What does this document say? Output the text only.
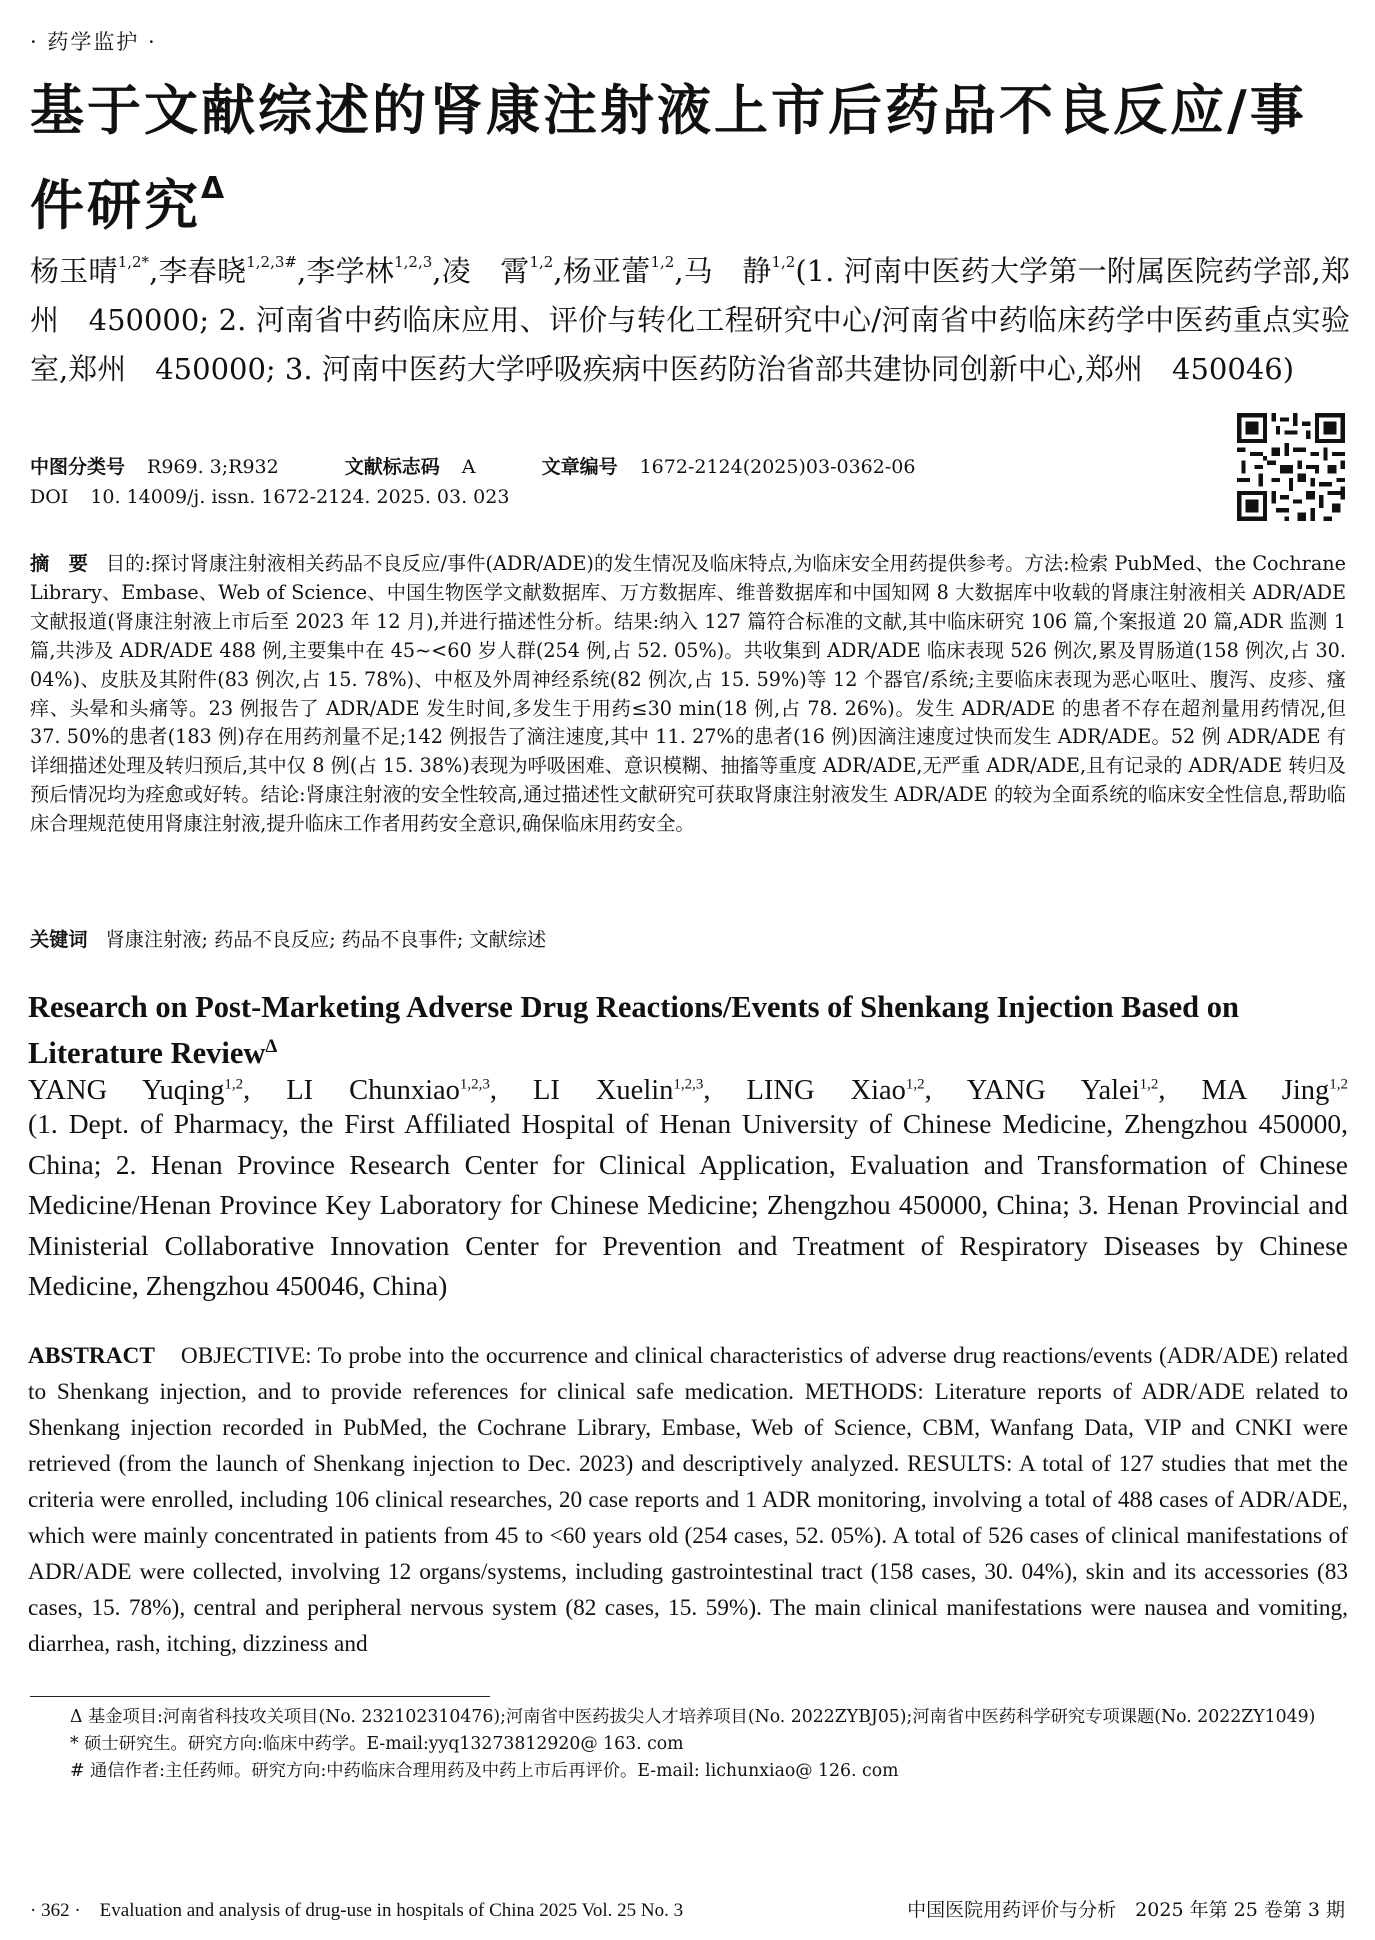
· 药学监护 ·
基于文献综述的肾康注射液上市后药品不良反应/事件研究$^\Delta$

杨玉晴$^{1,2*}$,李春晓$^{1,2,3\#}$,李学林$^{1,2,3}$,凌　霄$^{1,2}$,杨亚蕾$^{1,2}$,马　静$^{1,2}$(1. 河南中医药大学第一附属医院药学部,郑州　450000; 2. 河南省中药临床应用、评价与转化工程研究中心/河南省中药临床药学中医药重点实验室,郑州　450000; 3. 河南中医药大学呼吸疾病中医药防治省部共建协同创新中心,郑州　450046)

中图分类号 R969. 3;R932	文献标志码 A	文章编号 1672-2124(2025)03-0362-06
DOI 10. 14009/j. issn. 1672-2124. 2025. 03. 023

摘　要 目的:探讨肾康注射液相关药品不良反应/事件(ADR/ADE)的发生情况及临床特点,为临床安全用药提供参考。方法:检索 PubMed、the Cochrane Library、Embase、Web of Science、中国生物医学文献数据库、万方数据库、维普数据库和中国知网 8 大数据库中收载的肾康注射液相关 ADR/ADE 文献报道(肾康注射液上市后至 2023 年 12 月),并进行描述性分析。结果:纳入 127 篇符合标准的文献,其中临床研究 106 篇,个案报道 20 篇,ADR 监测 1 篇,共涉及 ADR/ADE 488 例,主要集中在 45~<60 岁人群(254 例,占 52. 05%)。共收集到 ADR/ADE 临床表现 526 例次,累及胃肠道(158 例次,占 30. 04%)、皮肤及其附件(83 例次,占 15. 78%)、中枢及外周神经系统(82 例次,占 15. 59%)等 12 个器官/系统;主要临床表现为恶心呕吐、腹泻、皮疹、瘙痒、头晕和头痛等。23 例报告了 ADR/ADE 发生时间,多发生于用药≤30 min(18 例,占 78. 26%)。发生 ADR/ADE 的患者不存在超剂量用药情况,但 37. 50%的患者(183 例)存在用药剂量不足;142 例报告了滴注速度,其中 11. 27%的患者(16 例)因滴注速度过快而发生 ADR/ADE。52 例 ADR/ADE 有详细描述处理及转归预后,其中仅 8 例(占 15. 38%)表现为呼吸困难、意识模糊、抽搐等重度 ADR/ADE,无严重 ADR/ADE,且有记录的 ADR/ADE 转归及预后情况均为痊愈或好转。结论:肾康注射液的安全性较高,通过描述性文献研究可获取肾康注射液发生 ADR/ADE 的较为全面系统的临床安全性信息,帮助临床合理规范使用肾康注射液,提升临床工作者用药安全意识,确保临床用药安全。

关键词 肾康注射液; 药品不良反应; 药品不良事件; 文献综述
Research on Post-Marketing Adverse Drug Reactions/Events of Shenkang Injection Based on Literature Review$^\Delta$

YANG Yuqing$^{1,2}$, LI Chunxiao$^{1,2,3}$, LI Xuelin$^{1,2,3}$, LING Xiao$^{1,2}$, YANG Yalei$^{1,2}$, MA Jing$^{1,2}$

(1. Dept. of Pharmacy, the First Affiliated Hospital of Henan University of Chinese Medicine, Zhengzhou 450000, China; 2. Henan Province Research Center for Clinical Application, Evaluation and Transformation of Chinese Medicine/Henan Province Key Laboratory for Chinese Medicine; Zhengzhou 450000, China; 3. Henan Provincial and Ministerial Collaborative Innovation Center for Prevention and Treatment of Respiratory Diseases by Chinese Medicine, Zhengzhou 450046, China)

ABSTRACT OBJECTIVE: To probe into the occurrence and clinical characteristics of adverse drug reactions/events (ADR/ADE) related to Shenkang injection, and to provide references for clinical safe medication. METHODS: Literature reports of ADR/ADE related to Shenkang injection recorded in PubMed, the Cochrane Library, Embase, Web of Science, CBM, Wanfang Data, VIP and CNKI were retrieved (from the launch of Shenkang injection to Dec. 2023) and descriptively analyzed. RESULTS: A total of 127 studies that met the criteria were enrolled, including 106 clinical researches, 20 case reports and 1 ADR monitoring, involving a total of 488 cases of ADR/ADE, which were mainly concentrated in patients from 45 to <60 years old (254 cases, 52. 05%). A total of 526 cases of clinical manifestations of ADR/ADE were collected, involving 12 organs/systems, including gastrointestinal tract (158 cases, 30. 04%), skin and its accessories (83 cases, 15. 78%), central and peripheral nervous system (82 cases, 15. 59%). The main clinical manifestations were nausea and vomiting, diarrhea, rash, itching, dizziness and

Δ 基金项目:河南省科技攻关项目(No. 232102310476);河南省中医药拔尖人才培养项目(No. 2022ZYBJ05);河南省中医药科学研究专项课题(No. 2022ZY1049)

* 硕士研究生。研究方向:临床中药学。E-mail:yyq13273812920@ 163. com

# 通信作者:主任药师。研究方向:中药临床合理用药及中药上市后再评价。E-mail: lichunxiao@ 126. com

· 362 ·　Evaluation and analysis of drug-use in hospitals of China 2025 Vol. 25 No. 3	中国医院用药评价与分析　2025 年第 25 卷第 3 期
